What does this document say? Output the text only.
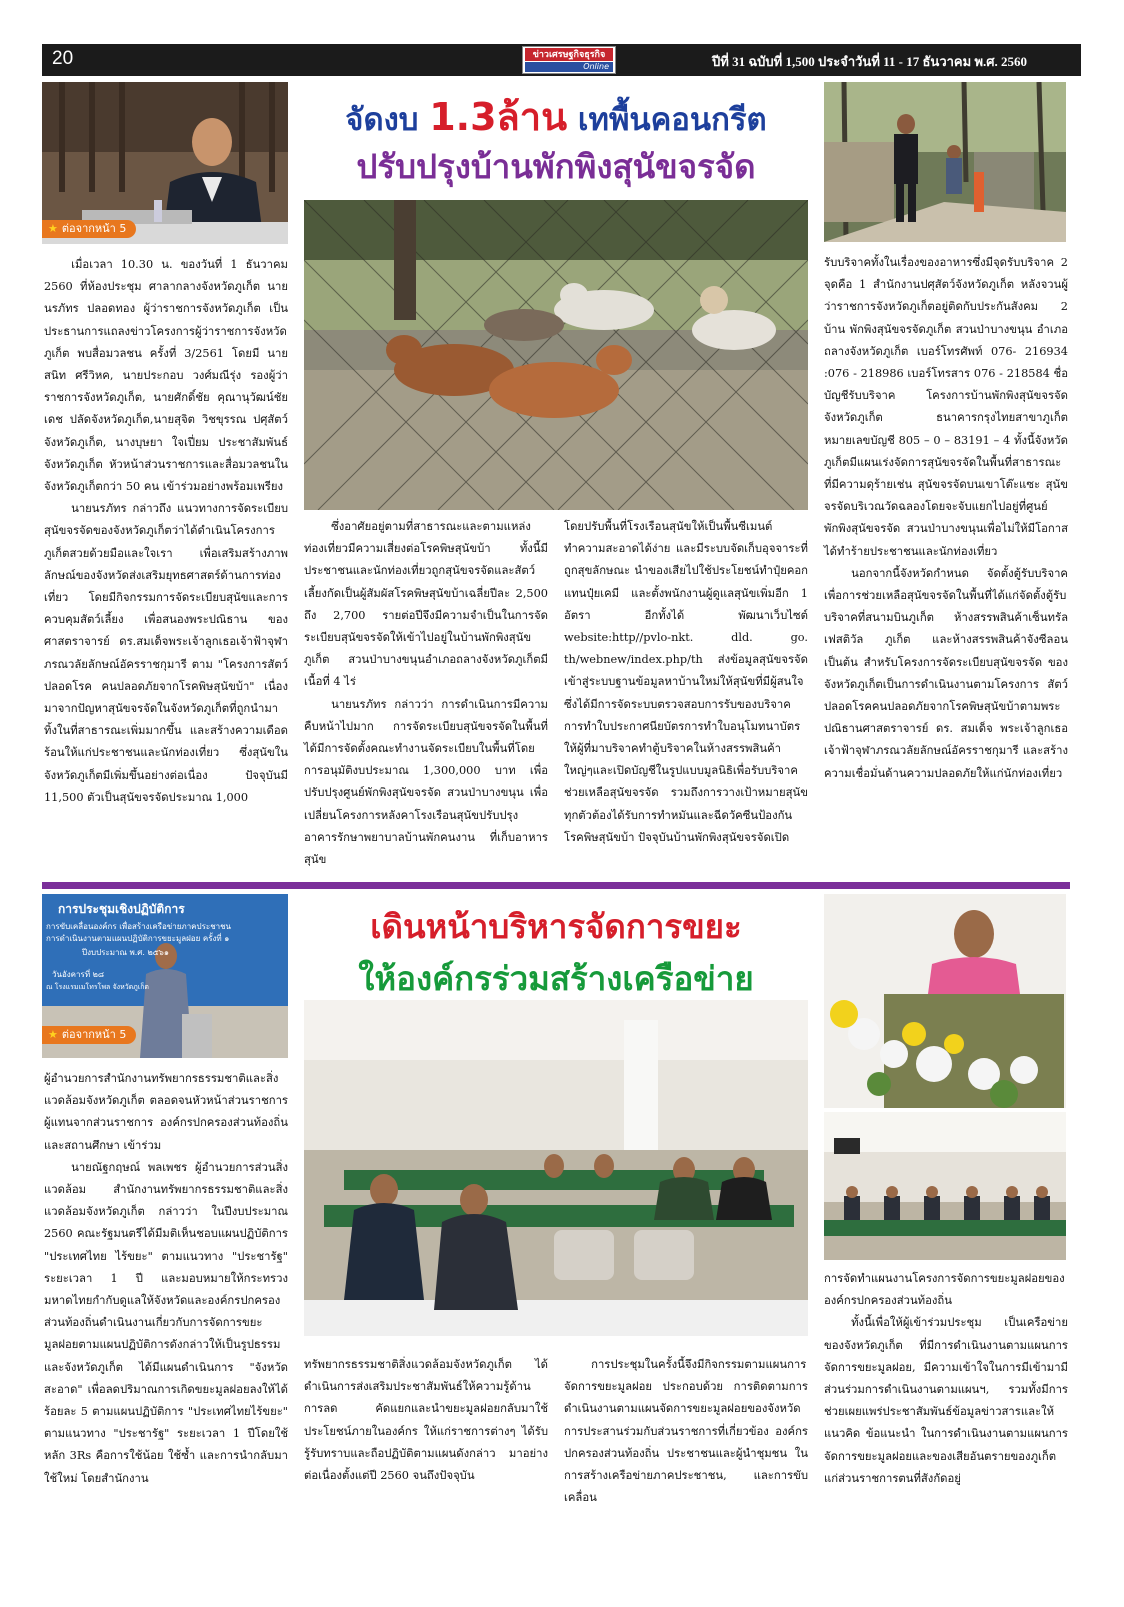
20	ข่าวเศรษฐกิจธุรกิจ
Online	ปีที่ 31 ฉบับที่ 1,500 ประจำวันที่ 11 - 17 ธันวาคม พ.ศ. 2560
★ ต่อจากหน้า 5
จัดงบ 1.3ล้าน เทพื้นคอนกรีต
ปรับปรุงบ้านพักพิงสุนัขจรจัด

เมื่อเวลา 10.30 น. ของวันที่ 1 ธันวาคม 2560 ที่ห้องประชุม ศาลากลางจังหวัดภูเก็ต นายนรภัทร ปลอดทอง ผู้ว่าราชการจังหวัดภูเก็ต เป็นประธานการแถลงข่าวโครงการผู้ว่าราชการจังหวัดภูเก็ต พบสื่อมวลชน ครั้งที่ 3/2561 โดยมี นายสนิท ศรีวิหค, นายประกอบ วงศ์มณีรุ่ง รองผู้ว่าราชการจังหวัดภูเก็ต, นายศักดิ์ชัย คุณานุวัฒน์ชัยเดช ปลัดจังหวัดภูเก็ต,นายสุจิต วิชขุรรณ ปศุสัตว์จังหวัดภูเก็ต, นางบุษยา ใจเปี่ยม ประชาสัมพันธ์จังหวัดภูเก็ต หัวหน้าส่วนราชการและสื่อมวลชนในจังหวัดภูเก็ตกว่า 50 คน เข้าร่วมอย่างพร้อมเพรียง

นายนรภัทร กล่าวถึง แนวทางการจัดระเบียบสุนัขจรจัดของจังหวัดภูเก็ตว่าได้ดำเนินโครงการภูเก็ตสวยด้วยมือและใจเรา เพื่อเสริมสร้างภาพลักษณ์ของจังหวัดส่งเสริมยุทธศาสตร์ด้านการท่องเที่ยว โดยมีกิจกรรมการจัดระเบียบสุนัขและการควบคุมสัตว์เลี้ยง เพื่อสนองพระปณิธาน ของศาสตราจารย์ ดร.สมเด็จพระเจ้าลูกเธอเจ้าฟ้าจุฬาภรณวลัยลักษณ์อัครราชกุมารี ตาม "โครงการสัตว์ปลอดโรค คนปลอดภัยจากโรคพิษสุนัขบ้า" เนื่องมาจากปัญหาสุนัขจรจัดในจังหวัดภูเก็ตที่ถูกนำมาทิ้งในที่สาธารณะเพิ่มมากขึ้น และสร้างความเดือดร้อนให้แก่ประชาชนและนักท่องเที่ยว ซึ่งสุนัขในจังหวัดภูเก็ตมีเพิ่มขึ้นอย่างต่อเนื่อง ปัจจุบันมี 11,500 ตัวเป็นสุนัขจรจัดประมาณ 1,000

ซึ่งอาศัยอยู่ตามที่สาธารณะและตามแหล่งท่องเที่ยวมีความเสี่ยงต่อโรคพิษสุนัขบ้า ทั้งนี้มีประชาชนและนักท่องเที่ยวถูกสุนัขจรจัดและสัตว์เลี้ยงกัดเป็นผู้สัมผัสโรคพิษสุนัขบ้าเฉลี่ยปีละ 2,500 ถึง 2,700 รายต่อปีจึงมีความจำเป็นในการจัดระเบียบสุนัขจรจัดให้เข้าไปอยู่ในบ้านพักพิงสุนัขภูเก็ต สวนป่าบางขนุนอำเภอถลางจังหวัดภูเก็ตมีเนื้อที่ 4 ไร่

นายนรภัทร กล่าวว่า การดำเนินการมีความคืบหน้าไปมาก การจัดระเบียบสุนัขจรจัดในพื้นที่ ได้มีการจัดตั้งคณะทำงานจัดระเบียบในพื้นที่โดยการอนุมัติงบประมาณ 1,300,000 บาท เพื่อปรับปรุงศูนย์พักพิงสุนัขจรจัด สวนป่าบางขนุน เพื่อเปลี่ยนโครงการหลังคาโรงเรือนสุนัขปรับปรุงอาคารรักษาพยาบาลบ้านพักคนงาน ที่เก็บอาหารสุนัข

โดยปรับพื้นที่โรงเรือนสุนัขให้เป็นพื้นซีเมนต์ทำความสะอาดได้ง่าย และมีระบบจัดเก็บอุจจาระที่ถูกสุขลักษณะ นำของเสียไปใช้ประโยชน์ทำปุ๋ยคอกแทนปุ๋ยเคมี และตั้งพนักงานผู้ดูแลสุนัขเพิ่มอีก 1 อัตรา อีกทั้งได้ พัฒนาเว็บไซต์ website:http//pvlo-nkt. dld. go. th/webnew/index.php/th ส่งข้อมูลสุนัขจรจัดเข้าสู่ระบบฐานข้อมูลหาบ้านใหม่ให้สุนัขที่มีผู้สนใจ ซึ่งได้มีการจัดระบบตรวจสอบการรับของบริจาคการทำใบประกาศนียบัตรการทำใบอนุโมทนาบัตรให้ผู้ที่มาบริจาคทำตู้บริจาคในห้างสรรพสินค้าใหญ่ๆและเปิดบัญชีในรูปแบบมูลนิธิเพื่อรับบริจาคช่วยเหลือสุนัขจรจัด รวมถึงการวางเป้าหมายสุนัขทุกตัวต้องได้รับการทำหมันและฉีดวัคซีนป้องกันโรคพิษสุนัขบ้า ปัจจุบันบ้านพักพิงสุนัขจรจัดเปิด

รับบริจาคทั้งในเรื่องของอาหารซึ่งมีจุดรับบริจาค 2 จุดคือ 1 สำนักงานปศุสัตว์จังหวัดภูเก็ต หลังจวนผู้ว่าราชการจังหวัดภูเก็ตอยู่ติดกับประกันสังคม 2 บ้าน พักพิงสุนัขจรจัดภูเก็ต สวนป่าบางขนุน อำเภอถลางจังหวัดภูเก็ต เบอร์โทรศัพท์ 076- 216934 :076 - 218986 เบอร์โทรสาร 076 - 218584 ชื่อบัญชีรับบริจาค โครงการบ้านพักพิงสุนัขจรจัดจังหวัดภูเก็ต ธนาคารกรุงไทยสาขาภูเก็ต หมายเลขบัญชี 805 – 0 – 83191 – 4 ทั้งนี้จังหวัดภูเก็ตมีแผนเร่งจัดการสุนัขจรจัดในพื้นที่สาธารณะ ที่มีความดุร้ายเช่น สุนัขจรจัดบนเขาโต๊ะแซะ สุนัขจรจัดบริเวณวัดฉลองโดยจะจับแยกไปอยู่ที่ศูนย์พักพิงสุนัขจรจัด สวนป่าบางขนุนเพื่อไม่ให้มีโอกาสได้ทำร้ายประชาชนและนักท่องเที่ยว

นอกจากนี้จังหวัดกำหนด จัดตั้งตู้รับบริจาคเพื่อการช่วยเหลือสุนัขจรจัดในพื้นที่ได้แก่จัดตั้งตู้รับบริจาคที่สนามบินภูเก็ต ห้างสรรพสินค้าเซ็นทรัล เฟสติวัล ภูเก็ต และห้างสรรพสินค้าจังซีลอน เป็นต้น สำหรับโครงการจัดระเบียบสุนัขจรจัด ของจังหวัดภูเก็ตเป็นการดำเนินงานตามโครงการ สัตว์ปลอดโรคคนปลอดภัยจากโรคพิษสุนัขบ้าตามพระปณิธานศาสตราจารย์ ดร. สมเด็จ พระเจ้าลูกเธอเจ้าฟ้าจุฬาภรณวลัยลักษณ์อัครราชกุมารี และสร้างความเชื่อมั่นด้านความปลอดภัยให้แก่นักท่องเที่ยว

การประชุมเชิงปฏิบัติการ
การขับเคลื่อนองค์กร เพื่อสร้างเครือข่ายภาคประชาชน
การดำเนินงานตามแผนปฏิบัติการขยะมูลฝอย ครั้งที่ ๑
ปีงบประมาณ พ.ศ. ๒๕๖๑
วันอังคารที่ ๒๘
ณ โรงแรมเมโทรโพล จังหวัดภูเก็ต
★ ต่อจากหน้า 5
เดินหน้าบริหารจัดการขยะ
ให้องค์กรร่วมสร้างเครือข่าย

ผู้อำนวยการสำนักงานทรัพยากรธรรมชาติและสิ่งแวดล้อมจังหวัดภูเก็ต ตลอดจนหัวหน้าส่วนราชการ ผู้แทนจากส่วนราชการ องค์กรปกครองส่วนท้องถิ่น และสถานศึกษา เข้าร่วม

นายณัฐกฤษณ์ พลเพชร ผู้อำนวยการส่วนสิ่งแวดล้อม สำนักงานทรัพยากรธรรมชาติและสิ่งแวดล้อมจังหวัดภูเก็ต กล่าวว่า ในปีงบประมาณ 2560 คณะรัฐมนตรีได้มีมติเห็นชอบแผนปฏิบัติการ "ประเทศไทย ไร้ขยะ" ตามแนวทาง "ประชารัฐ" ระยะเวลา 1 ปี และมอบหมายให้กระทรวงมหาดไทยกำกับดูแลให้จังหวัดและองค์กรปกครองส่วนท้องถิ่นดำเนินงานเกี่ยวกับการจัดการขยะมูลฝอยตามแผนปฏิบัติการดังกล่าวให้เป็นรูปธรรม และจังหวัดภูเก็ต ได้มีแผนดำเนินการ "จังหวัดสะอาด" เพื่อลดปริมาณการเกิดขยะมูลฝอยลงให้ได้ร้อยละ 5 ตามแผนปฏิบัติการ "ประเทศไทยไร้ขยะ" ตามแนวทาง "ประชารัฐ" ระยะเวลา 1 ปีโดยใช้หลัก 3Rs คือการใช้น้อย ใช้ซ้ำ และการนำกลับมาใช้ใหม่ โดยสำนักงาน

ทรัพยากรธรรมชาติสิ่งแวดล้อมจังหวัดภูเก็ต ได้ดำเนินการส่งเสริมประชาสัมพันธ์ให้ความรู้ด้านการลด คัดแยกและนำขยะมูลฝอยกลับมาใช้ประโยชน์ภายในองค์กร ให้แก่ราชการต่างๆ ได้รับรู้รับทราบและถือปฏิบัติตามแผนดังกล่าว มาอย่างต่อเนื่องตั้งแต่ปี 2560 จนถึงปัจจุบัน

การประชุมในครั้งนี้จึงมีกิจกรรมตามแผนการจัดการขยะมูลฝอย ประกอบด้วย การติดตามการดำเนินงานตามแผนจัดการขยะมูลฝอยของจังหวัด การประสานร่วมกับส่วนราชการที่เกี่ยวข้อง องค์กรปกครองส่วนท้องถิ่น ประชาชนและผู้นำชุมชน ในการสร้างเครือข่ายภาคประชาชน, และการขับเคลื่อน

การจัดทำแผนงานโครงการจัดการขยะมูลฝอยขององค์กรปกครองส่วนท้องถิ่น

ทั้งนี้เพื่อให้ผู้เข้าร่วมประชุม เป็นเครือข่ายของจังหวัดภูเก็ต ที่มีการดำเนินงานตามแผนการจัดการขยะมูลฝอย, มีความเข้าใจในการมีเข้ามามีส่วนร่วมการดำเนินงานตามแผนฯ, รวมทั้งมีการช่วยเผยแพร่ประชาสัมพันธ์ข้อมูลข่าวสารและให้แนวคิด ข้อแนะนำ ในการดำเนินงานตามแผนการจัดการขยะมูลฝอยและของเสียอันตรายของภูเก็ต แก่ส่วนราชการตนที่สังกัดอยู่
